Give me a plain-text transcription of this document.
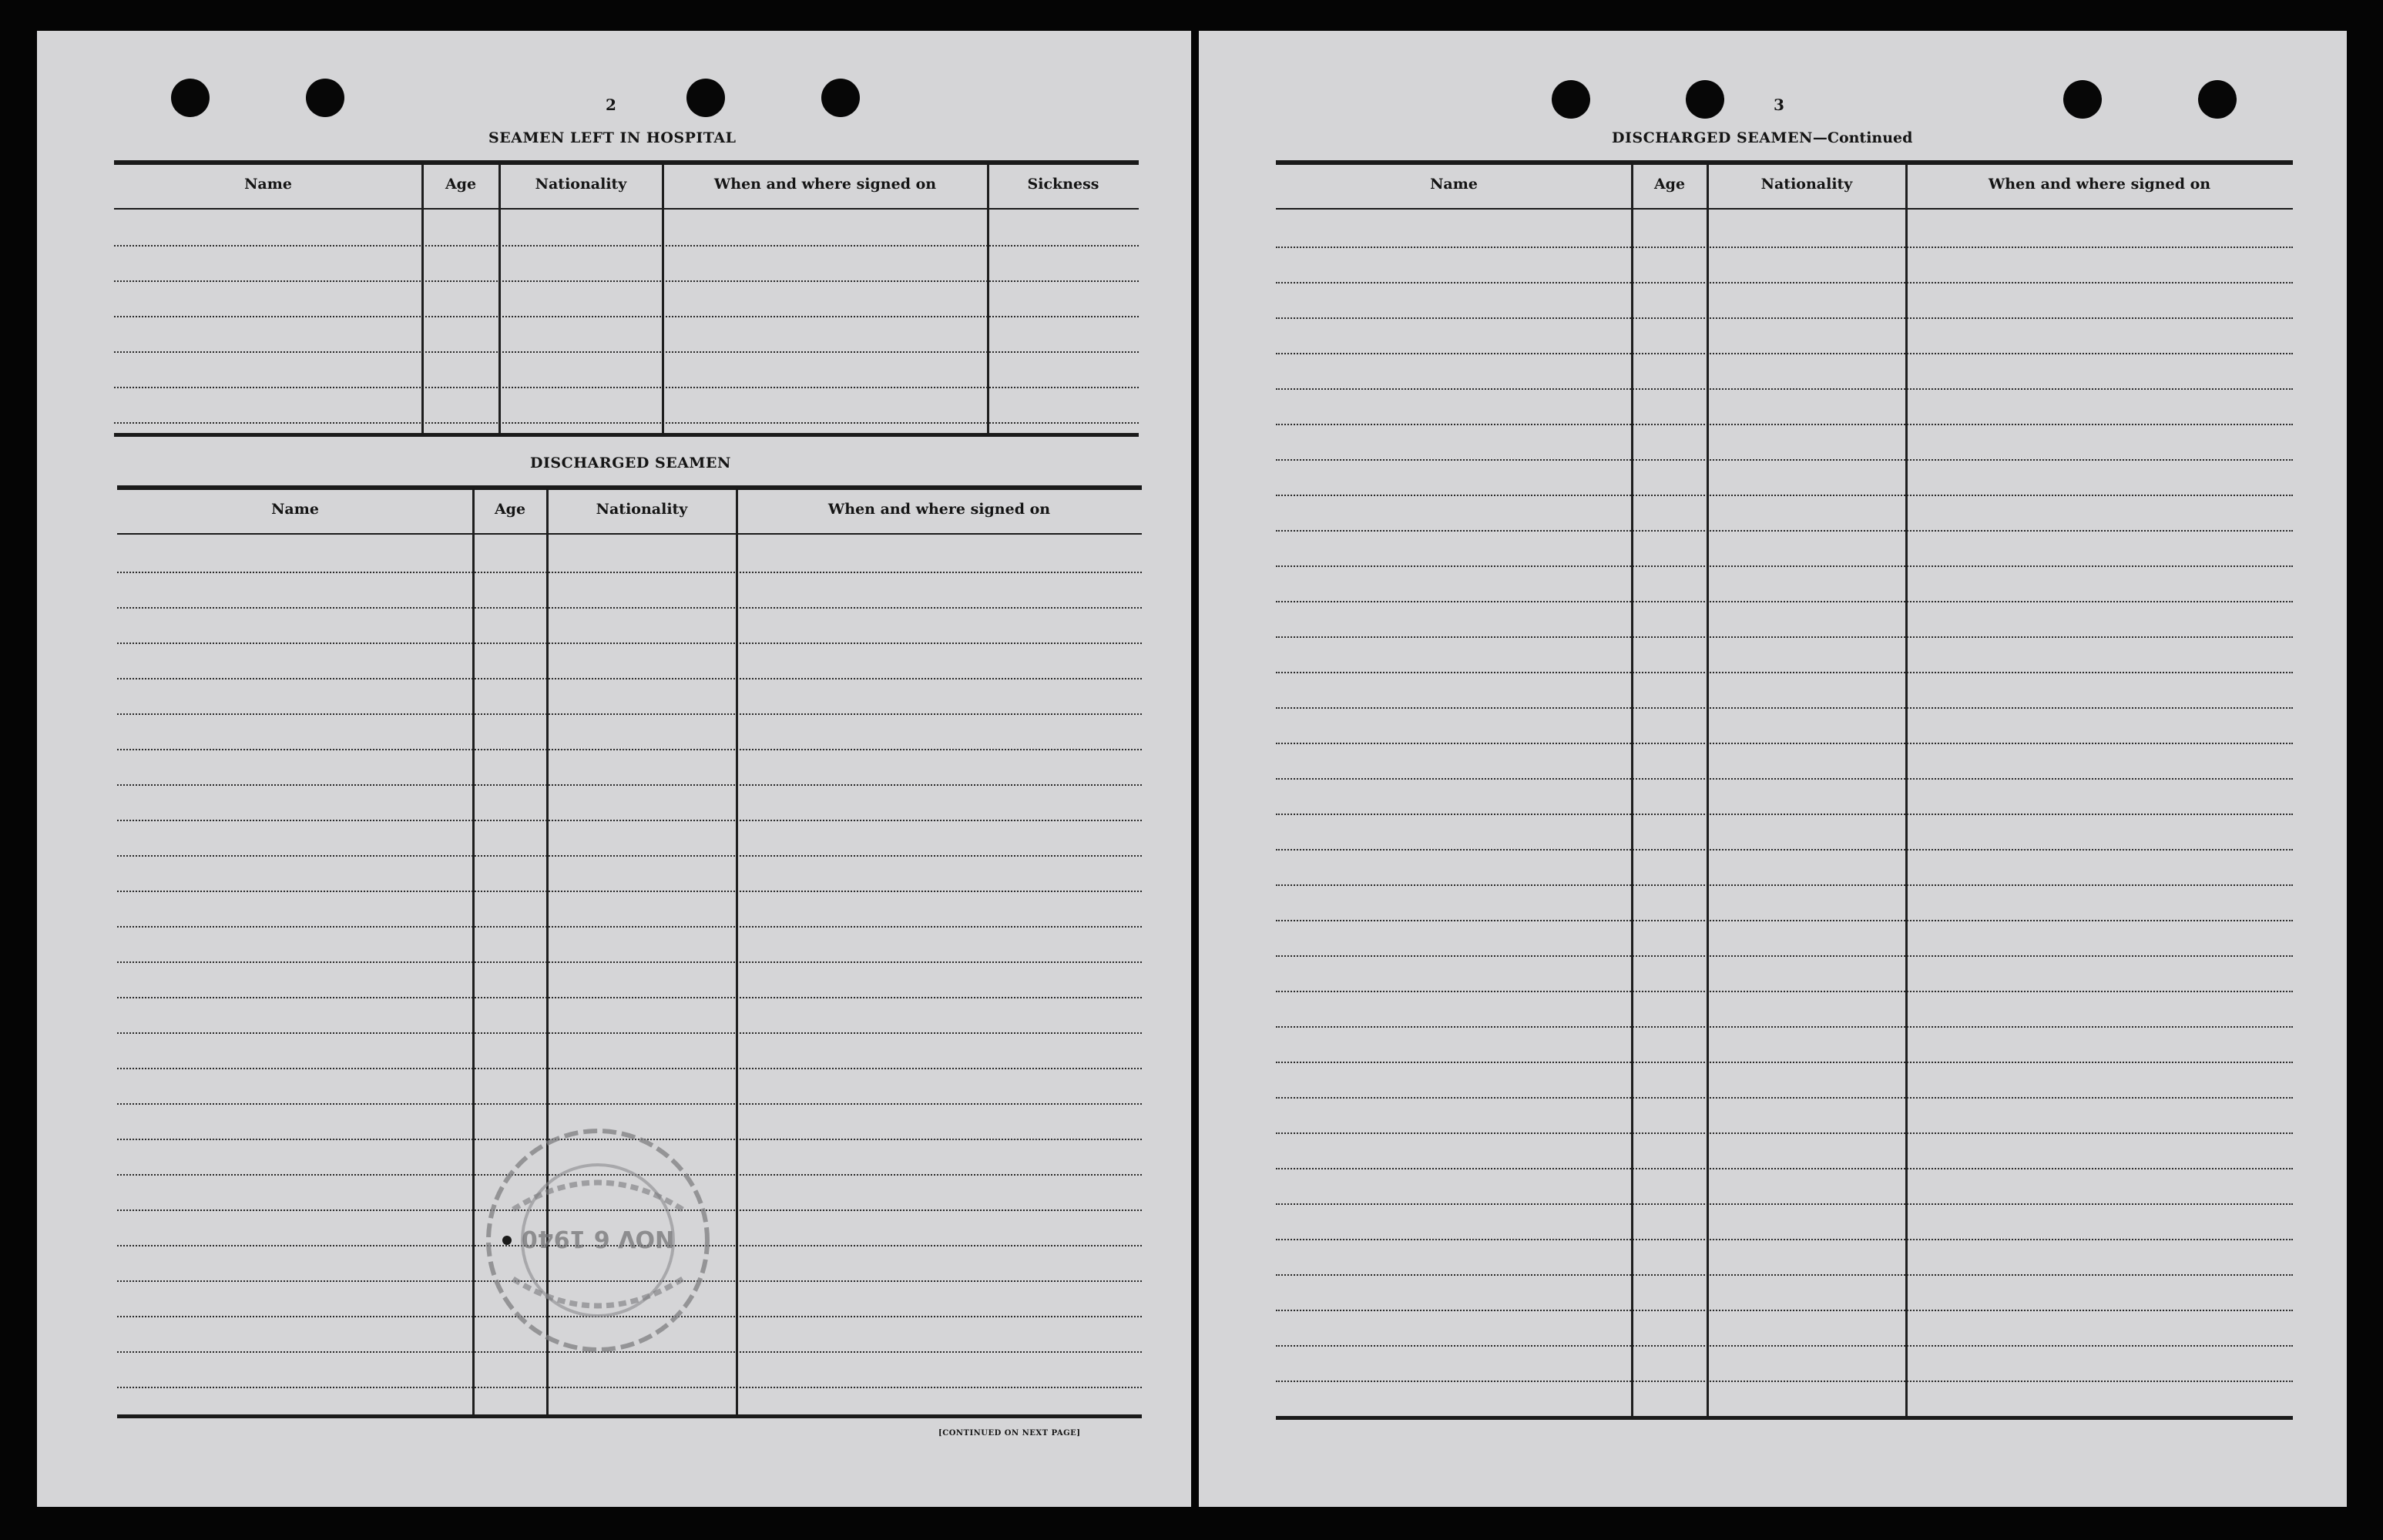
2
SEAMEN LEFT IN HOSPITAL
Name	Age	Nationality	When and where signed on	Sickness
DISCHARGED SEAMEN
Name	Age	Nationality	When and where signed on
[CONTINUED ON NEXT PAGE]
NOV 6 1940
3
DISCHARGED SEAMEN—Continued
Name	Age	Nationality	When and where signed on
